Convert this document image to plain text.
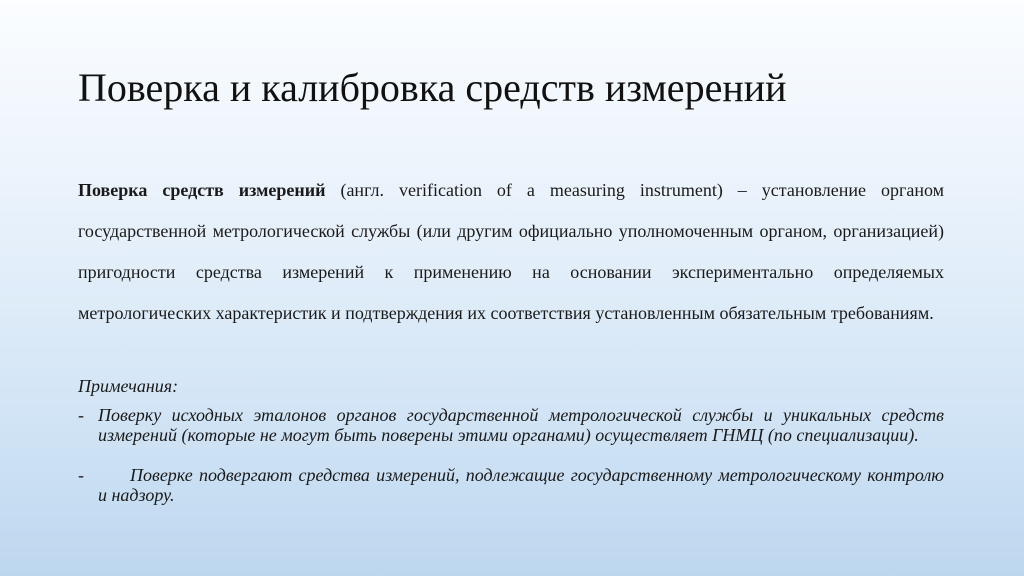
Поверка и калибровка средств измерений

Поверка средств измерений (англ. verification of a measuring instrument) – установление органом государственной метрологической службы (или другим официально уполномоченным органом, организацией) пригодности средства измерений к применению на основании экспериментально определяемых метрологических характеристик и подтверждения их соответствия установленным обязательным требованиям.

Примечания:

- Поверку исходных эталонов органов государственной метрологической службы и уникальных средств измерений (которые не могут быть поверены этими органами) осуществляет ГНМЦ (по специализации).
-	Поверке подвергают средства измерений, подлежащие государственному метрологическому контролю и надзору.
